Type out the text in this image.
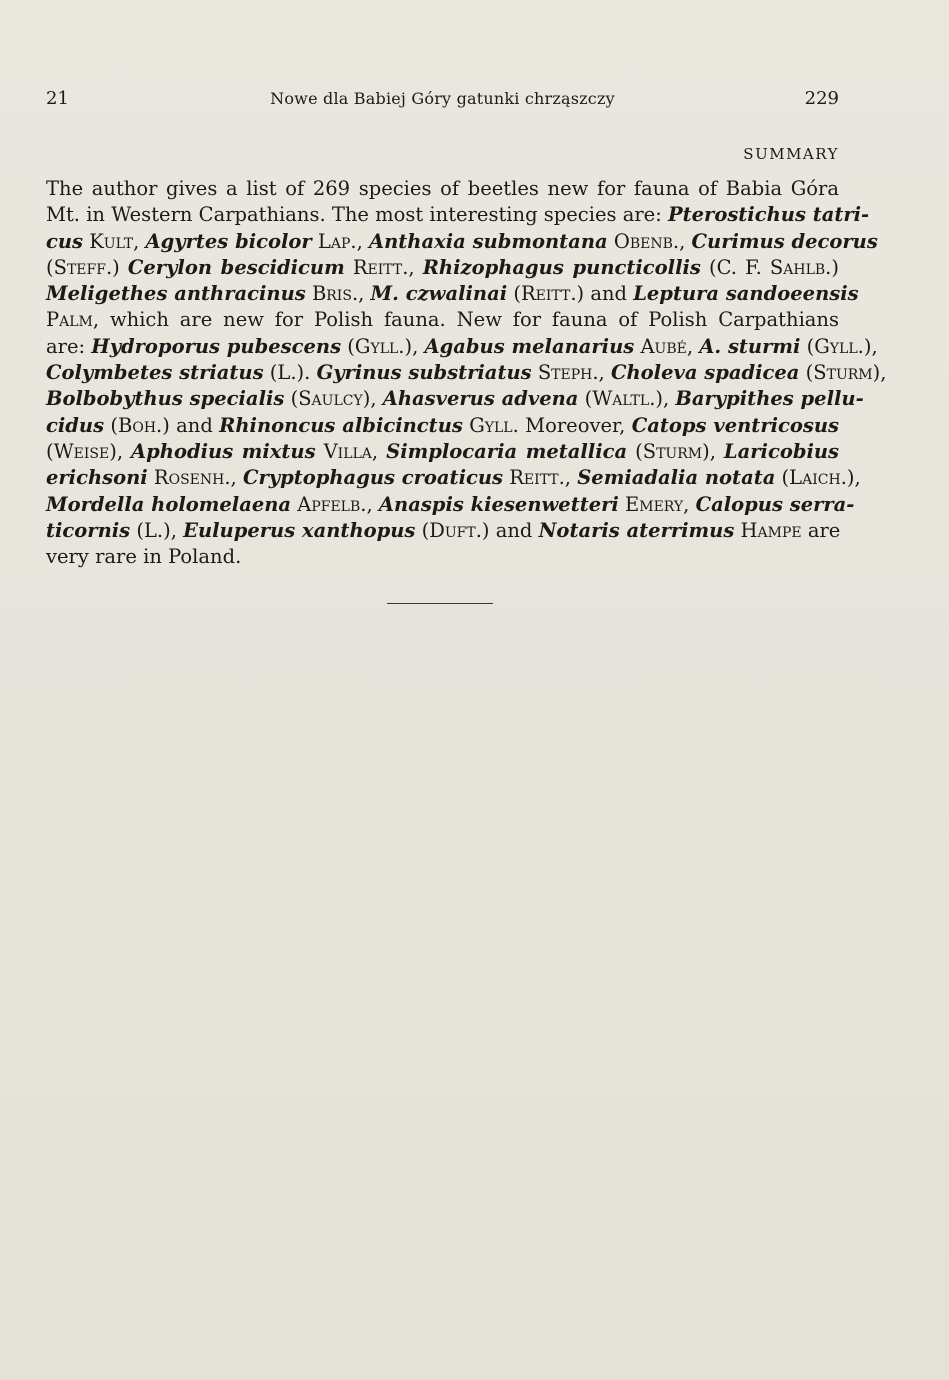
21	Nowe dla Babiej Góry gatunki chrząszczy	229
SUMMARY
The author gives a list of 269 species of beetles new for fauna of Babia Góra
Mt. in Western Carpathians. The most interesting species are: Pterostichus tatri-
cus Kult, Agyrtes bicolor Lap., Anthaxia submontana Obenb., Curimus decorus
(Steff.) Cerylon bescidicum Reitt., Rhizophagus puncticollis (C. F. Sahlb.)
Meligethes anthracinus Bris., M. czwalinai (Reitt.) and Leptura sandoeensis
Palm, which are new for Polish fauna. New for fauna of Polish Carpathians
are: Hydroporus pubescens (Gyll.), Agabus melanarius Aubé, A. sturmi (Gyll.),
Colymbetes striatus (L.). Gyrinus substriatus Steph., Choleva spadicea (Sturm),
Bolbobythus specialis (Saulcy), Ahasverus advena (Waltl.), Barypithes pellu-
cidus (Boh.) and Rhinoncus albicinctus Gyll. Moreover, Catops ventricosus
(Weise), Aphodius mixtus Villa, Simplocaria metallica (Sturm), Laricobius
erichsoni Rosenh., Cryptophagus croaticus Reitt., Semiadalia notata (Laich.),
Mordella holomelaena Apfelb., Anaspis kiesenwetteri Emery, Calopus serra-
ticornis (L.), Euluperus xanthopus (Duft.) and Notaris aterrimus Hampe are
very rare in Poland.
